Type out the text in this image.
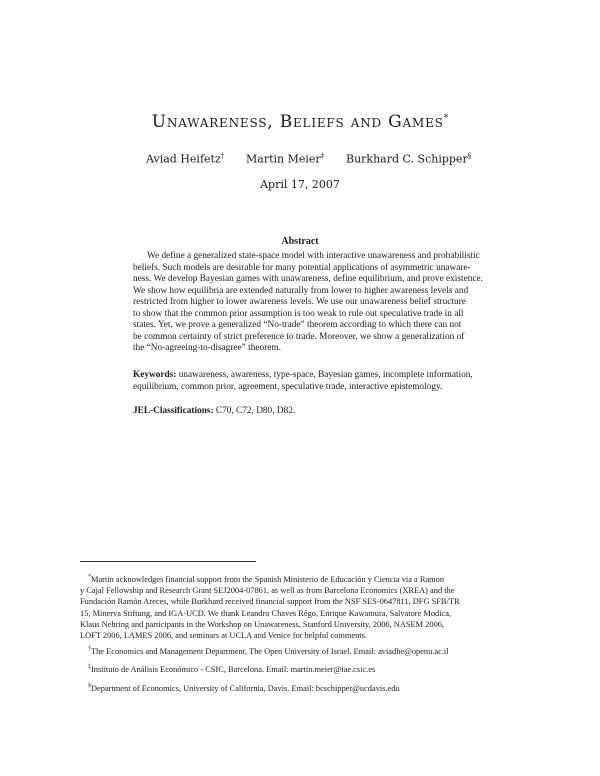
Unawareness, Beliefs and Games*
Aviad Heifetz† Martin Meier‡ Burkhard C. Schipper§
April 17, 2007
Abstract
We define a generalized state-space model with interactive unawareness and probabilistic
beliefs. Such models are desirable for many potential applications of asymmetric unaware-
ness. We develop Bayesian games with unawareness, define equilibrium, and prove existence.
We show how equilibria are extended naturally from lower to higher awareness levels and
restricted from higher to lower awareness levels. We use our unawareness belief structure
to show that the common prior assumption is too weak to rule out speculative trade in all
states. Yet, we prove a generalized “No-trade” theorem according to which there can not
be common certainty of strict preference to trade. Moreover, we show a generalization of
the “No-agreeing-to-disagree” theorem.
Keywords: unawareness, awareness, type-space, Bayesian games, incomplete information,
equilibrium, common prior, agreement, speculative trade, interactive epistemology.
JEL-Classifications: C70, C72, D80, D82.
*Martin acknowledges financial support from the Spanish Ministerio de Educación y Ciencia via a Ramon
y Cajal Fellowship and Research Grant SEJ2004-07861, as well as from Barcelona Economics (XREA) and the
Fundación Ramón Areces, while Burkhard received financial support from the NSF SES-0647811, DFG SFB/TR
15, Minerva Stiftung, and IGA-UCD. We thank Leandro Chaves Rêgo, Enrique Kawamura, Salvatore Modica,
Klaus Nehring and participants in the Workshop on Unawareness, Stanford University, 2006, NASEM 2006,
LOFT 2006, LAMES 2006, and seminars at UCLA and Venice for helpful comments.
†The Economics and Management Department, The Open University of Israel. Email: aviadhe@openu.ac.il
‡Instituto de Análisis Económico - CSIC, Barcelona. Email: martin.meier@iae.csic.es
§Department of Economics, University of California, Davis. Email: bcschipper@ucdavis.edu
